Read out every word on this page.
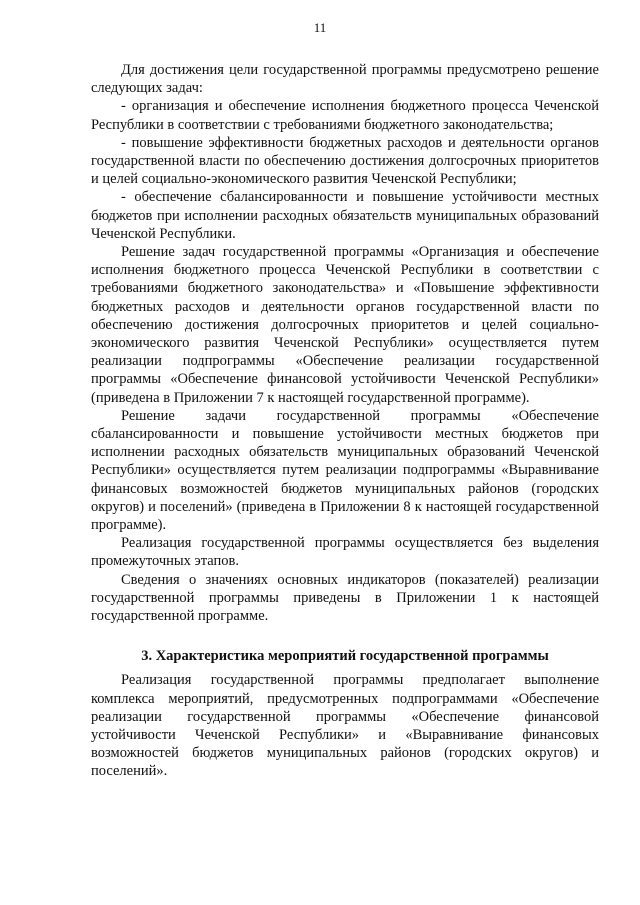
11

Для достижения цели государственной программы предусмотрено решение следующих задач:

- организация и обеспечение исполнения бюджетного процесса Чеченской Республики в соответствии с требованиями бюджетного законодательства;

- повышение эффективности бюджетных расходов и деятельности органов государственной власти по обеспечению достижения долгосрочных приоритетов и целей социально-экономического развития Чеченской Республики;

- обеспечение сбалансированности и повышение устойчивости местных бюджетов при исполнении расходных обязательств муниципальных образований Чеченской Республики.

Решение задач государственной программы «Организация и обеспечение исполнения бюджетного процесса Чеченской Республики в соответствии с требованиями бюджетного законодательства» и «Повышение эффективности бюджетных расходов и деятельности органов государственной власти по обеспечению достижения долгосрочных приоритетов и целей социально-экономического развития Чеченской Республики» осуществляется путем реализации подпрограммы «Обеспечение реализации государственной программы «Обеспечение финансовой устойчивости Чеченской Республики» (приведена в Приложении 7 к настоящей государственной программе).

Решение задачи государственной программы «Обеспечение сбалансированности и повышение устойчивости местных бюджетов при исполнении расходных обязательств муниципальных образований Чеченской Республики» осуществляется путем реализации подпрограммы «Выравнивание финансовых возможностей бюджетов муниципальных районов (городских округов) и поселений» (приведена в Приложении 8 к настоящей государственной программе).

Реализация государственной программы осуществляется без выделения промежуточных этапов.

Сведения о значениях основных индикаторов (показателей) реализации государственной программы приведены в Приложении 1 к настоящей государственной программе.

3. Характеристика мероприятий государственной программы

Реализация государственной программы предполагает выполнение комплекса мероприятий, предусмотренных подпрограммами «Обеспечение реализации государственной программы «Обеспечение финансовой устойчивости Чеченской Республики» и «Выравнивание финансовых возможностей бюджетов муниципальных районов (городских округов) и поселений».
